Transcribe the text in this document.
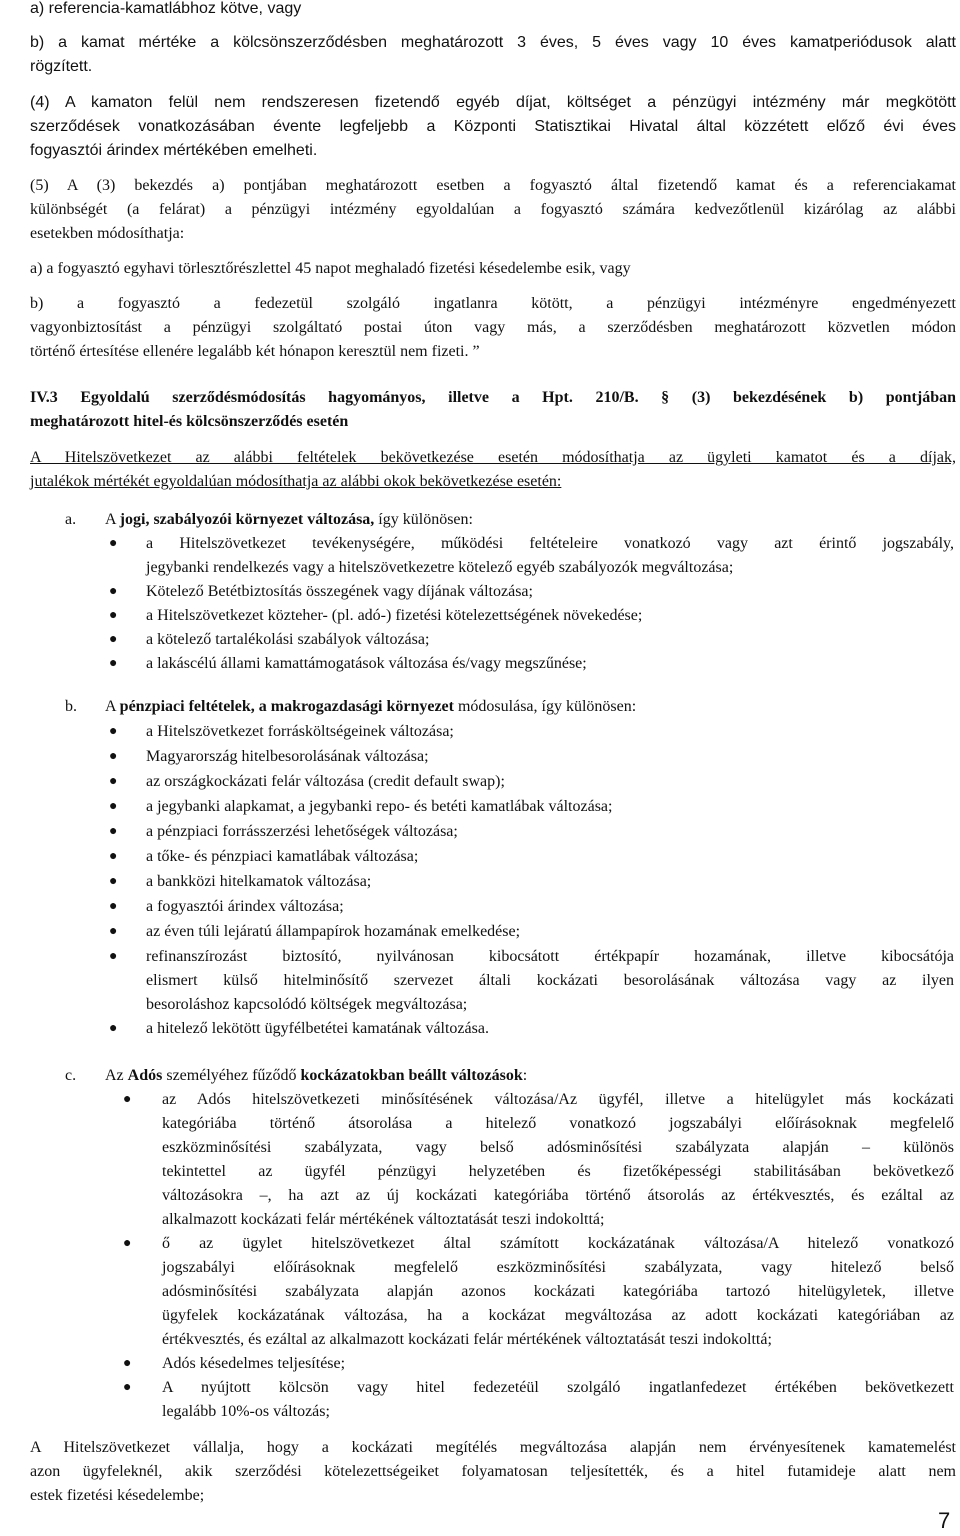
a) referencia-kamatlábhoz kötve, vagy
b) a kamat mértéke a kölcsönszerződésben meghatározott 3 éves, 5 éves vagy 10 éves kamatperiódusok alatt
rögzített.
(4) A kamaton felül nem rendszeresen fizetendő egyéb díjat, költséget a pénzügyi intézmény már megkötött
szerződések vonatkozásában évente legfeljebb a Központi Statisztikai Hivatal által közzétett előző évi éves
fogyasztói árindex mértékében emelheti.
(5) A (3) bekezdés a) pontjában meghatározott esetben a fogyasztó által fizetendő kamat és a referenciakamat
különbségét (a felárat) a pénzügyi intézmény egyoldalúan a fogyasztó számára kedvezőtlenül kizárólag az alábbi
esetekben módosíthatja:
a) a fogyasztó egyhavi törlesztőrészlettel 45 napot meghaladó fizetési késedelembe esik, vagy
b) a fogyasztó a fedezetül szolgáló ingatlanra kötött, a pénzügyi intézményre engedményezett
vagyonbiztosítást a pénzügyi szolgáltató postai úton vagy más, a szerződésben meghatározott közvetlen módon
történő értesítése ellenére legalább két hónapon keresztül nem fizeti. ”
IV.3 Egyoldalú szerződésmódosítás hagyományos, illetve a Hpt. 210/B. § (3) bekezdésének b) pontjában
meghatározott hitel-és kölcsönszerződés esetén
A Hitelszövetkezet az alábbi feltételek bekövetkezése esetén módosíthatja az ügyleti kamatot és a díjak,
jutalékok mértékét egyoldalúan módosíthatja az alábbi okok bekövetkezése esetén:
a. A jogi, szabályozói környezet változása, így különösen:
● a Hitelszövetkezet tevékenységére, működési feltételeire vonatkozó vagy azt érintő jogszabály,
jegybanki rendelkezés vagy a hitelszövetkezetre kötelező egyéb szabályozók megváltozása;
● Kötelező Betétbiztosítás összegének vagy díjának változása;
● a Hitelszövetkezet közteher- (pl. adó-) fizetési kötelezettségének növekedése;
● a kötelező tartalékolási szabályok változása;
● a lakáscélú állami kamattámogatások változása és/vagy megszűnése;
b. A pénzpiaci feltételek, a makrogazdasági környezet módosulása, így különösen:
● a Hitelszövetkezet forrásköltségeinek változása;
● Magyarország hitelbesorolásának változása;
● az országkockázati felár változása (credit default swap);
● a jegybanki alapkamat, a jegybanki repo- és betéti kamatlábak változása;
● a pénzpiaci forrásszerzési lehetőségek változása;
● a tőke- és pénzpiaci kamatlábak változása;
● a bankközi hitelkamatok változása;
● a fogyasztói árindex változása;
● az éven túli lejáratú állampapírok hozamának emelkedése;
● refinanszírozást biztosító, nyilvánosan kibocsátott értékpapír hozamának, illetve kibocsátója
elismert külső hitelminősítő szervezet általi kockázati besorolásának változása vagy az ilyen
besoroláshoz kapcsolódó költségek megváltozása;
● a hitelező lekötött ügyfélbetétei kamatának változása.
c. Az Adós személyéhez fűződő kockázatokban beállt változások:
● az Adós hitelszövetkezeti minősítésének változása/Az ügyfél, illetve a hitelügylet más kockázati
kategóriába történő átsorolása a hitelező vonatkozó jogszabályi előírásoknak megfelelő
eszközminősítési szabályzata, vagy belső adósminősítési szabályzata alapján – különös
tekintettel az ügyfél pénzügyi helyzetében és fizetőképességi stabilitásában bekövetkező
változásokra –, ha azt az új kockázati kategóriába történő átsorolás az értékvesztés, és ezáltal az
alkalmazott kockázati felár mértékének változtatását teszi indokolttá;
● ő az ügylet hitelszövetkezet által számított kockázatának változása/A hitelező vonatkozó
jogszabályi előírásoknak megfelelő eszközminősítési szabályzata, vagy hitelező belső
adósminősítési szabályzata alapján azonos kockázati kategóriába tartozó hitelügyletek, illetve
ügyfelek kockázatának változása, ha a kockázat megváltozása az adott kockázati kategóriában az
értékvesztés, és ezáltal az alkalmazott kockázati felár mértékének változtatását teszi indokolttá;
● Adós késedelmes teljesítése;
● A nyújtott kölcsön vagy hitel fedezetéül szolgáló ingatlanfedezet értékében bekövetkezett
legalább 10%-os változás;
A Hitelszövetkezet vállalja, hogy a kockázati megítélés megváltozása alapján nem érvényesítenek kamatemelést
azon ügyfeleknél, akik szerződési kötelezettségeiket folyamatosan teljesítették, és a hitel futamideje alatt nem
estek fizetési késedelembe;
7
